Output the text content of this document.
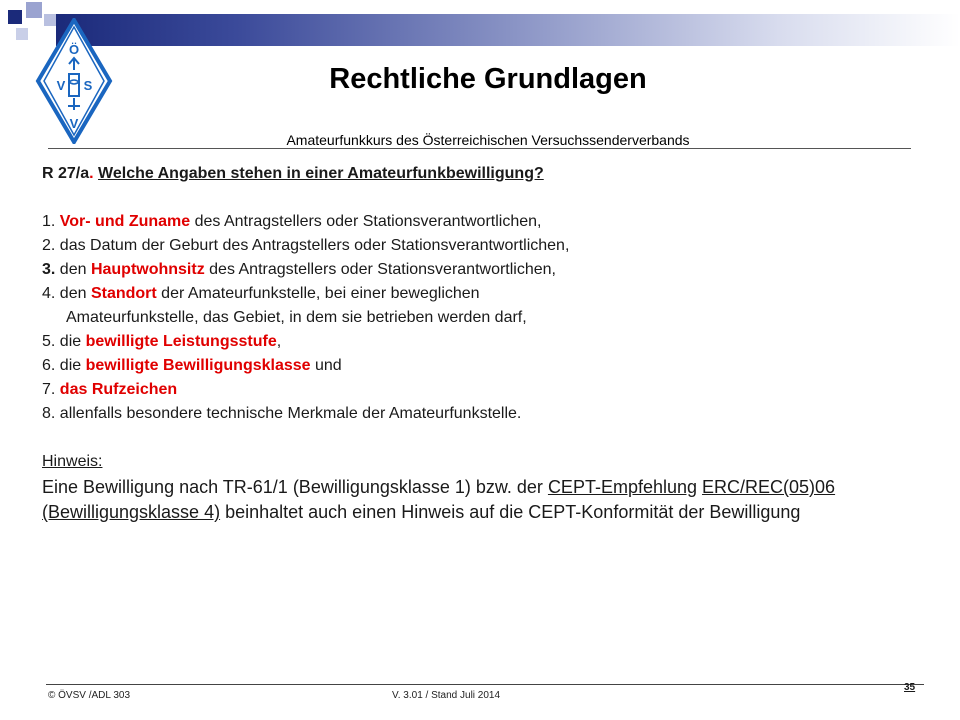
Ö
V S
V
Rechtliche Grundlagen
Amateurfunkkurs des Österreichischen Versuchssenderverbands
R 27/a. Welche Angaben stehen in einer Amateurfunkbewilligung?
1. Vor- und Zuname des Antragstellers oder Stationsverantwortlichen,
2. das Datum der Geburt des Antragstellers oder Stationsverantwortlichen,
3. den Hauptwohnsitz des Antragstellers oder Stationsverantwortlichen,
4. den Standort der Amateurfunkstelle, bei einer beweglichen
Amateurfunkstelle, das Gebiet, in dem sie betrieben werden darf,
5. die bewilligte Leistungsstufe,
6. die bewilligte Bewilligungsklasse und
7. das Rufzeichen
8. allenfalls besondere technische Merkmale der Amateurfunkstelle.
Hinweis:
Eine Bewilligung nach TR-61/1 (Bewilligungsklasse 1) bzw. der CEPT-Empfehlung ERC/REC(05)06 (Bewilligungsklasse 4) beinhaltet auch einen Hinweis auf die CEPT-Konformität der Bewilligung
© ÖVSV /ADL 303	V. 3.01 / Stand Juli 2014
35
